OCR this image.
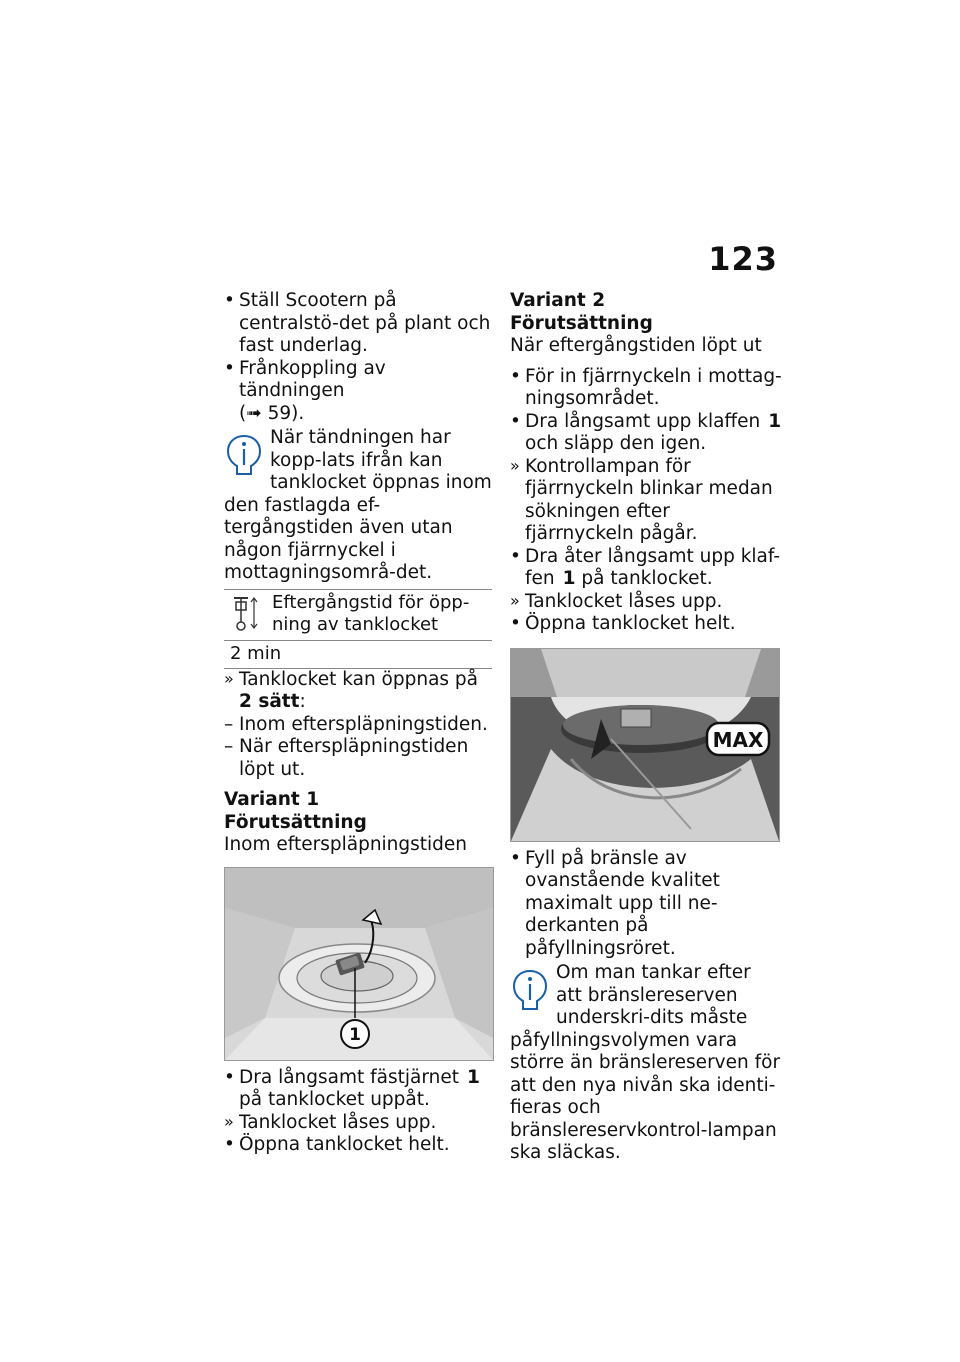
123

• Ställ Scootern på centralstö-det på plant och fast underlag.

• Frånkoppling av tändningen
(➟ 59).

När tändningen har kopp-lats ifrån kan tanklocket öppnas inom den fastlagda ef-tergångstiden även utan någon fjärrnyckel i mottagningsområ-det.

	Eftergångstid för öpp-ning av tanklocket
2 min

» Tanklocket kan öppnas på
2 sätt:

– Inom efterspläpningstiden.

– När efterspläpningstiden löpt ut.

Variant 1

Förutsättning

Inom efterspläpningstiden

1

• Dra långsamt fästjärnet 1 på tanklocket uppåt.

» Tanklocket låses upp.

• Öppna tanklocket helt.

Variant 2

Förutsättning

När eftergångstiden löpt ut

• För in fjärrnyckeln i mottag-ningsområdet.

• Dra långsamt upp klaffen 1
och släpp den igen.

» Kontrollampan för fjärrnyckeln blinkar medan sökningen efter fjärrnyckeln pågår.

• Dra åter långsamt upp klaf-fen 1 på tanklocket.

» Tanklocket låses upp.

• Öppna tanklocket helt.

MAX

• Fyll på bränsle av ovanstående kvalitet maximalt upp till ne-derkanten på påfyllningsröret.

Om man tankar efter att bränslereserven underskri-dits måste påfyllningsvolymen vara större än bränslereserven för att den nya nivån ska identi-fieras och bränslereservkontrol-lampan ska släckas.
